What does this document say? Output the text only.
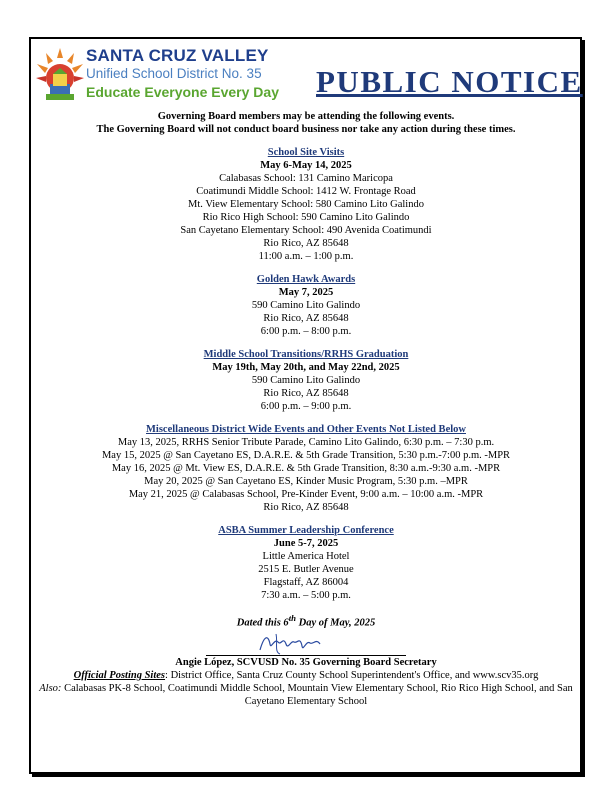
SANTA CRUZ VALLEY
Unified School District No. 35
Educate Everyone Every Day PUBLIC NOTICE
Governing Board members may be attending the following events.
The Governing Board will not conduct board business nor take any action during these times.
School Site Visits
May 6-May 14, 2025
Calabasas School: 131 Camino Maricopa
Coatimundi Middle School: 1412 W. Frontage Road
Mt. View Elementary School: 580 Camino Lito Galindo
Rio Rico High School: 590 Camino Lito Galindo
San Cayetano Elementary School: 490 Avenida Coatimundi
Rio Rico, AZ 85648
11:00 a.m. – 1:00 p.m.
Golden Hawk Awards
May 7, 2025
590 Camino Lito Galindo
Rio Rico, AZ 85648
6:00 p.m. – 8:00 p.m.
Middle School Transitions/RRHS Graduation
May 19th, May 20th, and May 22nd, 2025
590 Camino Lito Galindo
Rio Rico, AZ 85648
6:00 p.m. – 9:00 p.m.
Miscellaneous District Wide Events and Other Events Not Listed Below
May 13, 2025, RRHS Senior Tribute Parade, Camino Lito Galindo, 6:30 p.m. – 7:30 p.m.
May 15, 2025 @ San Cayetano ES, D.A.R.E. & 5th Grade Transition, 5:30 p.m.-7:00 p.m. -MPR
May 16, 2025 @ Mt. View ES, D.A.R.E. & 5th Grade Transition, 8:30 a.m.-9:30 a.m. -MPR
May 20, 2025 @ San Cayetano ES, Kinder Music Program, 5:30 p.m. –MPR
May 21, 2025 @ Calabasas School, Pre-Kinder Event, 9:00 a.m. – 10:00 a.m. -MPR
Rio Rico, AZ 85648
ASBA Summer Leadership Conference
June 5-7, 2025
Little America Hotel
2515 E. Butler Avenue
Flagstaff, AZ 86004
7:30 a.m. – 5:00 p.m.
Dated this 6th Day of May, 2025
Angie López, SCVUSD No. 35 Governing Board Secretary
Official Posting Sites: District Office, Santa Cruz County School Superintendent's Office, and www.scv35.org
Also: Calabasas PK-8 School, Coatimundi Middle School, Mountain View Elementary School, Rio Rico High School, and San Cayetano Elementary School
